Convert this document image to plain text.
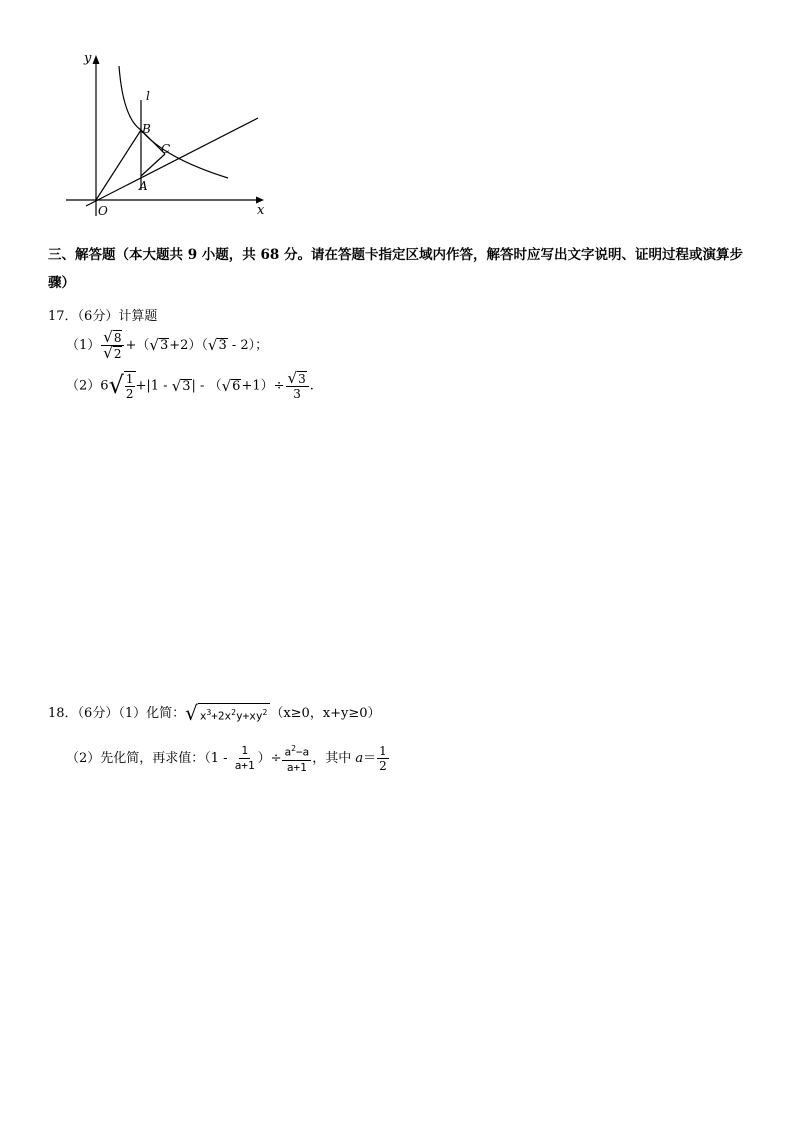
y
x
O
l
B
C
A
三、解答题（本大题共 9 小题，共 68 分。请在答题卡指定区域内作答，解答时应写出文字说明、证明过程或演算步骤）
17．（6分）计算题
$(1) \frac{√ 8}{√ 2}$ +（ √ 3 +2）（ √ 3 - 2）；
（2）6 √ 1
2
+|1 - √ 3 | - （ √ $6 +1)\div \frac{√ 3}{3}$ .
18．（6分）（1）化简： √ $x^3+2x^2y+xy^2$ （x≥0，x+y≥0）
（2）先化简，再求值：（$1 - \frac{1}{a+1}$ ）÷ $\frac{a^2-a}{a+1}$ ，其中 $a= \frac{1}{2}$
